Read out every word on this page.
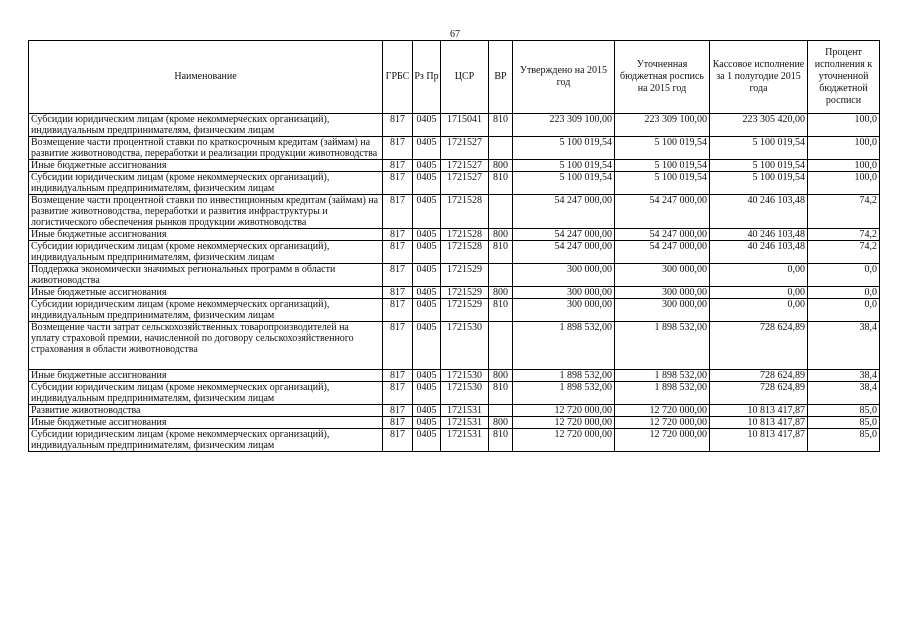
67
Наименование	ГРБС	Рз Пр	ЦСР	ВР	Утверждено на 2015 год	Уточненная бюджетная роспись на 2015 год	Кассовое исполнение за 1 полугодие 2015 года	Процент исполнения к уточненной бюджетной росписи
Субсидии юридическим лицам (кроме некоммерческих организаций), индивидуальным предпринимателям, физическим лицам	817	0405	1715041	810	223 309 100,00	223 309 100,00	223 305 420,00	100,0
Возмещение части процентной ставки по краткосрочным кредитам (займам) на развитие животноводства, переработки и реализации продукции животноводства	817	0405	1721527		5 100 019,54	5 100 019,54	5 100 019,54	100,0
Иные бюджетные ассигнования	817	0405	1721527	800	5 100 019,54	5 100 019,54	5 100 019,54	100,0
Субсидии юридическим лицам (кроме некоммерческих организаций), индивидуальным предпринимателям, физическим лицам	817	0405	1721527	810	5 100 019,54	5 100 019,54	5 100 019,54	100,0
Возмещение части процентной ставки по инвестиционным кредитам (займам) на развитие животноводства, переработки и развития инфраструктуры и логистического обеспечения рынков продукции животноводства	817	0405	1721528		54 247 000,00	54 247 000,00	40 246 103,48	74,2
Иные бюджетные ассигнования	817	0405	1721528	800	54 247 000,00	54 247 000,00	40 246 103,48	74,2
Субсидии юридическим лицам (кроме некоммерческих организаций), индивидуальным предпринимателям, физическим лицам	817	0405	1721528	810	54 247 000,00	54 247 000,00	40 246 103,48	74,2
Поддержка экономически значимых региональных программ в области животноводства	817	0405	1721529		300 000,00	300 000,00	0,00	0,0
Иные бюджетные ассигнования	817	0405	1721529	800	300 000,00	300 000,00	0,00	0,0
Субсидии юридическим лицам (кроме некоммерческих организаций), индивидуальным предпринимателям, физическим лицам	817	0405	1721529	810	300 000,00	300 000,00	0,00	0,0
Возмещение части затрат сельскохозяйственных товаропроизводителей на уплату страховой премии, начисленной по договору сельскохозяйственного страхования в области животноводства	817	0405	1721530		1 898 532,00	1 898 532,00	728 624,89	38,4
Иные бюджетные ассигнования	817	0405	1721530	800	1 898 532,00	1 898 532,00	728 624,89	38,4
Субсидии юридическим лицам (кроме некоммерческих организаций), индивидуальным предпринимателям, физическим лицам	817	0405	1721530	810	1 898 532,00	1 898 532,00	728 624,89	38,4
Развитие животноводства	817	0405	1721531		12 720 000,00	12 720 000,00	10 813 417,87	85,0
Иные бюджетные ассигнования	817	0405	1721531	800	12 720 000,00	12 720 000,00	10 813 417,87	85,0
Субсидии юридическим лицам (кроме некоммерческих организаций), индивидуальным предпринимателям, физическим лицам	817	0405	1721531	810	12 720 000,00	12 720 000,00	10 813 417,87	85,0
